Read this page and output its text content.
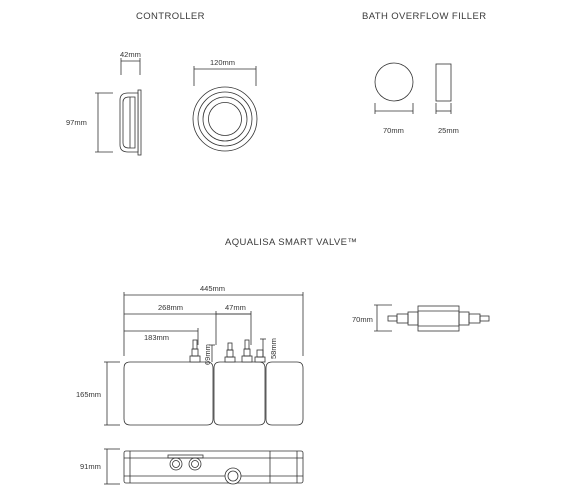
CONTROLLER	BATH OVERFLOW FILLER
AQUALISA SMART VALVE™
42mm
97mm
120mm
70mm	25mm
445mm
268mm	47mm
183mm
165mm
69mm	58mm
91mm
70mm
